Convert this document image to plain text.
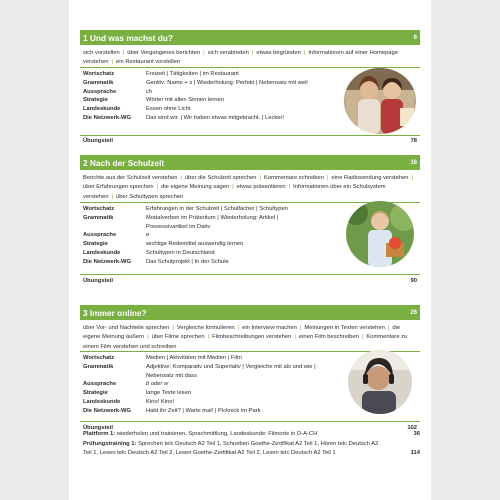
1 Und was machst du?	6
sich vorstellen | über Vergangenes berichten | sich verabreden | etwas begründen | Informationen auf einer Homepage verstehen | ein Restaurant vorstellen
Wortschatz	Freizeit | Tätigkeiten | im Restaurant
Grammatik	Genitiv: Name + s | Wiederholung: Perfekt | Nebensatz mit weil
Aussprache	ch
Strategie	Wörter mit allen Sinnen lernen
Landeskunde	Essen ohne Licht
Die Netzwerk-WG	Das sind wir. | Wir haben etwas mitgebracht. | Lecker!
Übungsteil	78
2 Nach der Schulzeit	16
Berichte aus der Schulzeit verstehen | über die Schulzeit sprechen | Kommentare schreiben | eine Radiosendung verstehen |über Erfahrungen sprechen | die eigene Meinung sagen | etwas präsentieren | Informationen über ein Schulsystem verstehen | über Schultypen sprechen
Wortschatz	Erfahrungen in der Schulzeit | Schulfächer | Schultypen
Grammatik	Modalverben im Präteritum | Wiederholung: Artikel |
Possessivartikel im Dativ
Aussprache	e
Strategie	wichtige Redemittel auswendig lernen
Landeskunde	Schultypen in Deutschland
Die Netzwerk-WG	Das Schulprojekt | In der Schule
Übungsteil	90
3 Immer online?	26
über Vor- und Nachteile sprechen | Vergleiche formulieren | ein Interview machen | Meinungen in Texten verstehen | die eigene Meinung äußern | über Filme sprechen | Filmbeschreibungen verstehen | einen Film beschreiben | Kommentare zu einem Film verstehen und schreiben
Wortschatz	Medien | Aktivitäten mit Medien | Film
Grammatik	Adjektive: Komparativ und Superlativ | Vergleiche mit als und wie |
Nebensatz mit dass
Aussprache	b oder w
Strategie	lange Texte lesen
Landeskunde	Kino! Kino!
Die Netzwerk-WG	Habt ihr Zeit? | Warte mal! | Picknick im Park
Übungsteil	102
Plattform 1: wiederholen und trainieren, Sprachmittlung, Landeskunde: Filmorte in D-A-CH	36
Prüfungstraining 1: Sprechen telc Deutsch A2 Teil 1, Schreiben Goethe-Zertifikat A2 Teil 1, Hören telc Deutsch A2
Teil 1, Lesen telc Deutsch A2 Teil 2, Lesen Goethe-Zertifikat A2 Teil 2, Lesen telc Deutsch A2 Teil 1	114
